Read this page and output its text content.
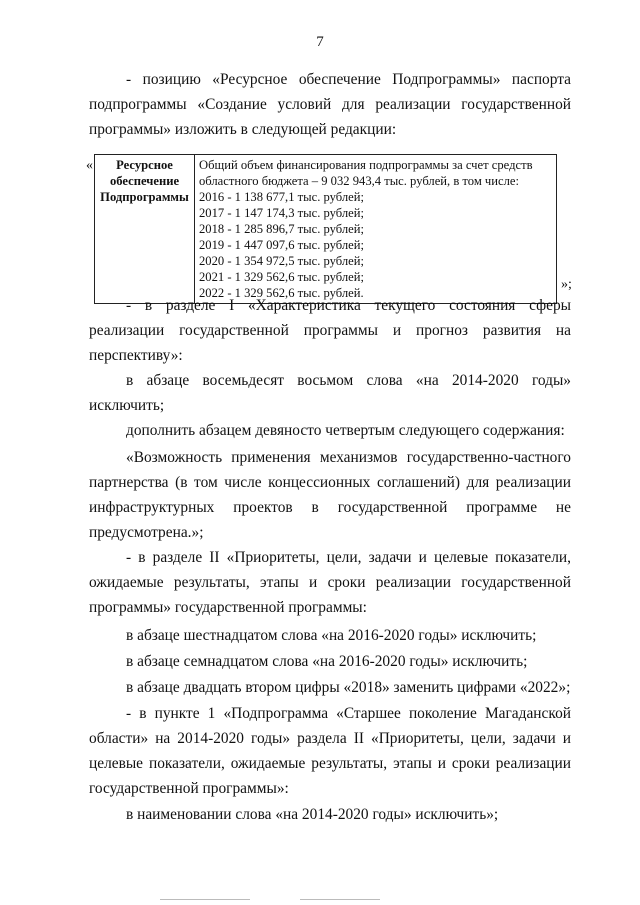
7

- позицию «Ресурсное обеспечение Подпрограммы» паспорта подпрограммы «Создание условий для реализации государственной программы» изложить в следующей редакции:

«	Ресурсное
обеспечение
Подпрограммы

Общий объем финансирования подпрограммы за счет средств
областного бюджета – 9 032 943,4 тыс. рублей, в том числе:
2016 - 1 138 677,1 тыс. рублей;
2017 - 1 147 174,3 тыс. рублей;
2018 - 1 285 896,7 тыс. рублей;
2019 - 1 447 097,6 тыс. рублей;
2020 - 1 354 972,5 тыс. рублей;
2021 - 1 329 562,6 тыс. рублей;
2022 - 1 329 562,6 тыс. рублей.
»;

- в разделе I «Характеристика текущего состояния сферы реализации государственной программы и прогноз развития на перспективу»:

в абзаце восемьдесят восьмом слова «на 2014-2020 годы» исключить;

дополнить абзацем девяносто четвертым следующего содержания:

«Возможность применения механизмов государственно-частного партнерства (в том числе концессионных соглашений) для реализации инфраструктурных проектов в государственной программе не предусмотрена.»;

- в разделе II «Приоритеты, цели, задачи и целевые показатели, ожидаемые результаты, этапы и сроки реализации государственной программы» государственной программы:

в абзаце шестнадцатом слова «на 2016-2020 годы» исключить;

в абзаце семнадцатом слова «на 2016-2020 годы» исключить;

в абзаце двадцать втором цифры «2018» заменить цифрами «2022»;

- в пункте 1 «Подпрограмма «Старшее поколение Магаданской области» на 2014-2020 годы» раздела II «Приоритеты, цели, задачи и целевые показатели, ожидаемые результаты, этапы и сроки реализации государственной программы»:

в наименовании слова «на 2014-2020 годы» исключить»;
